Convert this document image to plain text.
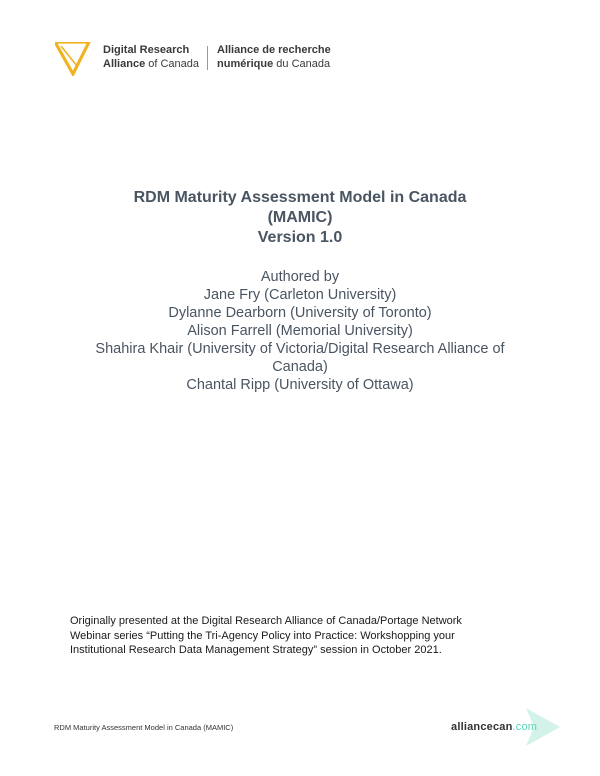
Digital Research
Alliance of Canada
Alliance de recherche
numérique du Canada
RDM Maturity Assessment Model in Canada
(MAMIC)
Version 1.0
Authored by
Jane Fry (Carleton University)
Dylanne Dearborn (University of Toronto)
Alison Farrell (Memorial University)
Shahira Khair (University of Victoria/Digital Research Alliance of
Canada)
Chantal Ripp (University of Ottawa)
Originally presented at the Digital Research Alliance of Canada/Portage Network
Webinar series “Putting the Tri-Agency Policy into Practice: Workshopping your
Institutional Research Data Management Strategy” session in October 2021.
RDM Maturity Assessment Model in Canada (MAMIC)	alliancecan.com
